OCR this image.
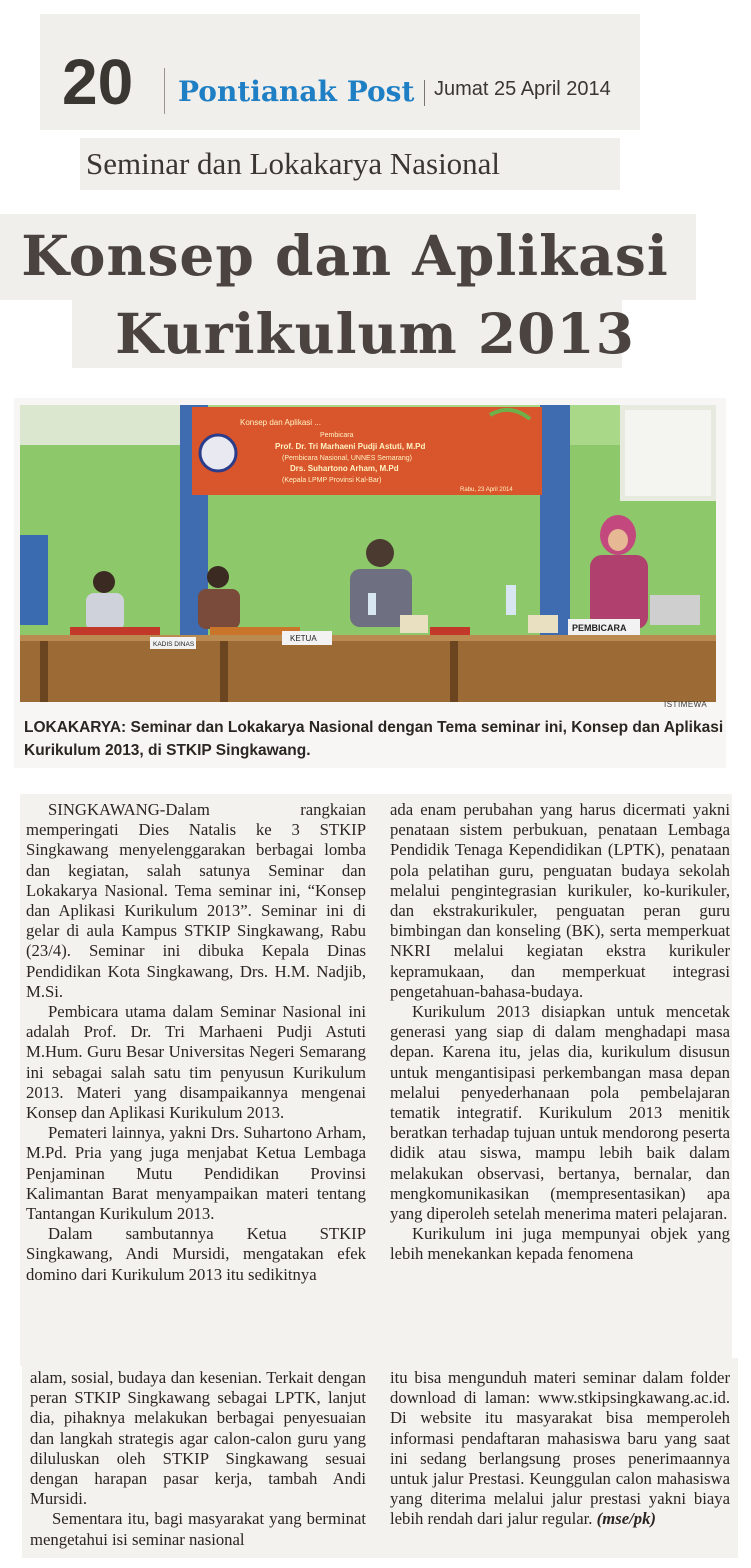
20 Pontianak Post Jumat 25 April 2014
Seminar dan Lokakarya Nasional
Konsep dan Aplikasi
Kurikulum 2013
Konsep dan Aplikasi ...
Pembicara
Prof. Dr. Tri Marhaeni Pudji Astuti, M.Pd
(Pembicara Nasional, UNNES Semarang)
Drs. Suhartono Arham, M.Pd
(Kepala LPMP Provinsi Kal-Bar)
Rabu, 23 April 2014
KADIS DINAS
KETUA
PEMBICARA
ISTIMEWA
LOKAKARYA: Seminar dan Lokakarya Nasional dengan Tema seminar ini, Konsep dan Aplikasi Kurikulum 2013, di STKIP Singkawang.

SINGKAWANG-Dalam rangkaian memperingati Dies Natalis ke 3 STKIP Singkawang menyelenggarakan berbagai lomba dan kegiatan, salah satunya Seminar dan Lokakarya Nasional. Tema seminar ini, “Konsep dan Aplikasi Kurikulum 2013”. Seminar ini di gelar di aula Kampus STKIP Singkawang, Rabu (23/4). Seminar ini dibuka Kepala Dinas Pendidikan Kota Singkawang, Drs. H.M. Nadjib, M.Si.

Pembicara utama dalam Seminar Nasional ini adalah Prof. Dr. Tri Marhaeni Pudji Astuti M.Hum. Guru Besar Universitas Negeri Semarang ini sebagai salah satu tim penyusun Kurikulum 2013. Materi yang disampaikannya mengenai Konsep dan Aplikasi Kurikulum 2013.

Pemateri lainnya, yakni Drs. Suhartono Arham, M.Pd. Pria yang juga menjabat Ketua Lembaga Penjaminan Mutu Pendidikan Provinsi Kalimantan Barat menyampaikan materi tentang Tantangan Kurikulum 2013.

Dalam sambutannya Ketua STKIP Singkawang, Andi Mursidi, mengatakan efek domino dari Kurikulum 2013 itu sedikitnya

ada enam perubahan yang harus dicermati yakni penataan sistem perbukuan, penataan Lembaga Pendidik Tenaga Kependidikan (LPTK), penataan pola pelatihan guru, penguatan budaya sekolah melalui pengintegrasian kurikuler, ko-kurikuler, dan ekstrakurikuler, penguatan peran guru bimbingan dan konseling (BK), serta memperkuat NKRI melalui kegiatan ekstra kurikuler kepramukaan, dan memperkuat integrasi pengetahuan-bahasa-budaya.

Kurikulum 2013 disiapkan untuk mencetak generasi yang siap di dalam menghadapi masa depan. Karena itu, jelas dia, kurikulum disusun untuk mengantisipasi perkembangan masa depan melalui penyederhanaan pola pembelajaran tematik integratif. Kurikulum 2013 menitik beratkan terhadap tujuan untuk mendorong peserta didik atau siswa, mampu lebih baik dalam melakukan observasi, bertanya, bernalar, dan mengkomunikasikan (mempresentasikan) apa yang diperoleh setelah menerima materi pelajaran.

Kurikulum ini juga mempunyai objek yang lebih menekankan kepada fenomena

alam, sosial, budaya dan kesenian. Terkait dengan peran STKIP Singkawang sebagai LPTK, lanjut dia, pihaknya melakukan berbagai penyesuaian dan langkah strategis agar calon-calon guru yang diluluskan oleh STKIP Singkawang sesuai dengan harapan pasar kerja, tambah Andi Mursidi.

Sementara itu, bagi masyarakat yang berminat mengetahui isi seminar nasional

itu bisa mengunduh materi seminar dalam folder download di laman: www.stkipsingkawang.ac.id. Di website itu masyarakat bisa memperoleh informasi pendaftaran mahasiswa baru yang saat ini sedang berlangsung proses penerimaannya untuk jalur Prestasi. Keunggulan calon mahasiswa yang diterima melalui jalur prestasi yakni biaya lebih rendah dari jalur regular. (mse/pk)
